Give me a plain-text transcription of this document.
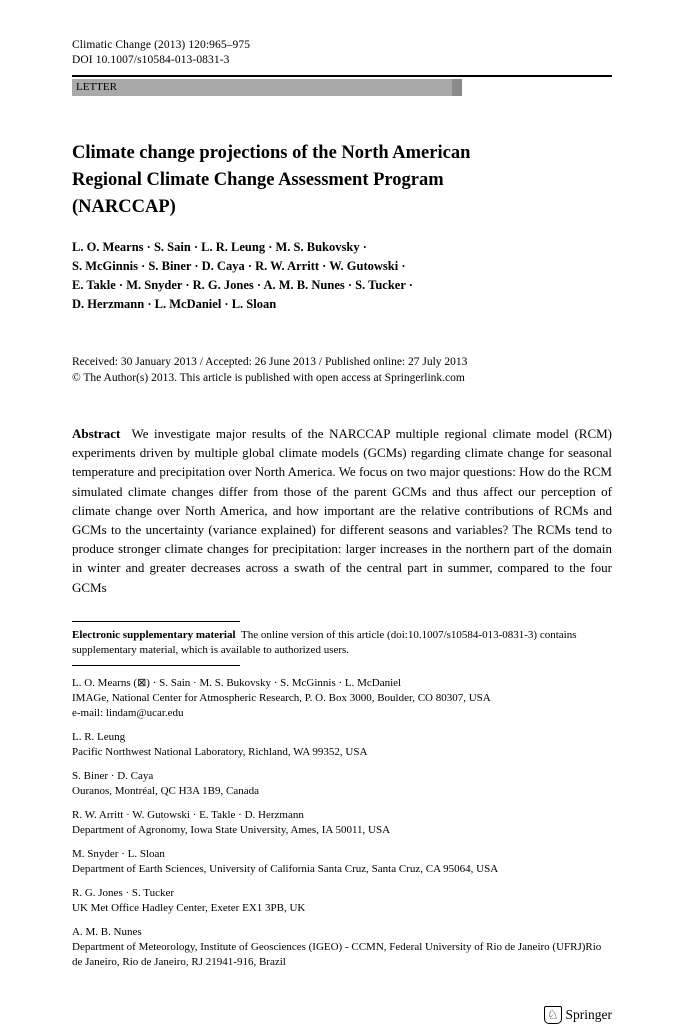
Climatic Change (2013) 120:965–975
DOI 10.1007/s10584-013-0831-3
LETTER
Climate change projections of the North American
Regional Climate Change Assessment Program
(NARCCAP)
L. O. Mearns · S. Sain · L. R. Leung · M. S. Bukovsky ·
S. McGinnis · S. Biner · D. Caya · R. W. Arritt · W. Gutowski ·
E. Takle · M. Snyder · R. G. Jones · A. M. B. Nunes · S. Tucker ·
D. Herzmann · L. McDaniel · L. Sloan
Received: 30 January 2013 / Accepted: 26 June 2013 / Published online: 27 July 2013
© The Author(s) 2013. This article is published with open access at Springerlink.com

Abstract We investigate major results of the NARCCAP multiple regional climate model (RCM) experiments driven by multiple global climate models (GCMs) regarding climate change for seasonal temperature and precipitation over North America. We focus on two major questions: How do the RCM simulated climate changes differ from those of the parent GCMs and thus affect our perception of climate change over North America, and how important are the relative contributions of RCMs and GCMs to the uncertainty (variance explained) for different seasons and variables? The RCMs tend to produce stronger climate changes for precipitation: larger increases in the northern part of the domain in winter and greater decreases across a swath of the central part in summer, compared to the four GCMs

Electronic supplementary material The online version of this article (doi:10.1007/s10584-013-0831-3) contains supplementary material, which is available to authorized users.

L. O. Mearns (⊠) · S. Sain · M. S. Bukovsky · S. McGinnis · L. McDaniel
IMAGe, National Center for Atmospheric Research, P. O. Box 3000, Boulder, CO 80307, USA
e-mail: lindam@ucar.edu
L. R. Leung
Pacific Northwest National Laboratory, Richland, WA 99352, USA
S. Biner · D. Caya
Ouranos, Montréal, QC H3A 1B9, Canada
R. W. Arritt · W. Gutowski · E. Takle · D. Herzmann
Department of Agronomy, Iowa State University, Ames, IA 50011, USA
M. Snyder · L. Sloan
Department of Earth Sciences, University of California Santa Cruz, Santa Cruz, CA 95064, USA
R. G. Jones · S. Tucker
UK Met Office Hadley Center, Exeter EX1 3PB, UK
A. M. B. Nunes
Department of Meteorology, Institute of Geosciences (IGEO) - CCMN, Federal University of Rio de Janeiro (UFRJ)Rio de Janeiro, Rio de Janeiro, RJ 21941-916, Brazil
♘ Springer
